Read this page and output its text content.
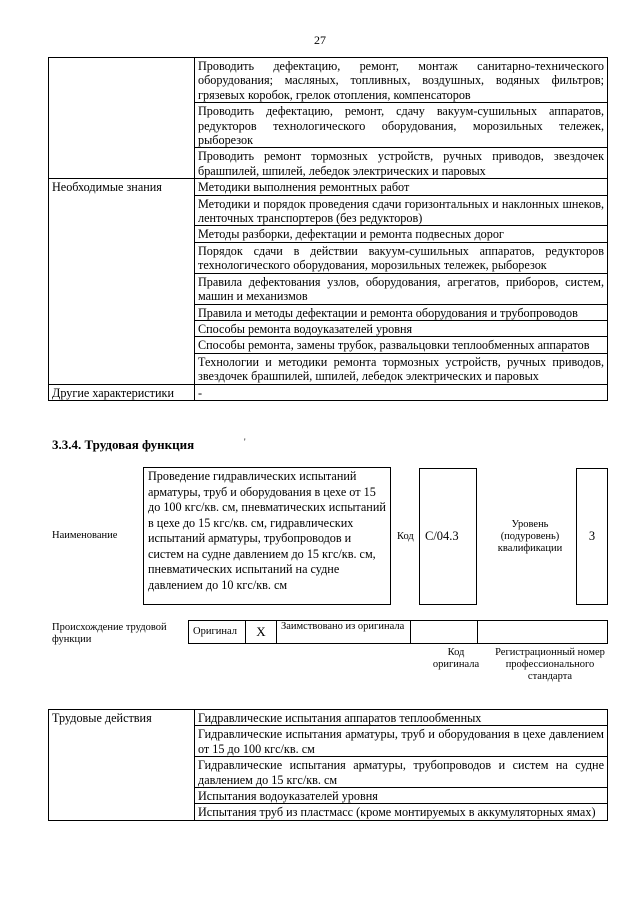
27
	Проводить дефектацию, ремонт, монтаж санитарно-технического оборудования; масляных, топливных, воздушных, водяных фильтров; грязевых коробок, грелок отопления, компенсаторов
	Проводить дефектацию, ремонт, сдачу вакуум-сушильных аппаратов, редукторов технологического оборудования, морозильных тележек, рыборезок
	Проводить ремонт тормозных устройств, ручных приводов, звездочек брашпилей, шпилей, лебедок электрических и паровых
Необходимые знания	Методики выполнения ремонтных работ
	Методики и порядок проведения сдачи горизонтальных и наклонных шнеков, ленточных транспортеров (без редукторов)
	Методы разборки, дефектации и ремонта подвесных дорог
	Порядок сдачи в действии вакуум-сушильных аппаратов, редукторов технологического оборудования, морозильных тележек, рыборезок
	Правила дефектования узлов, оборудования, агрегатов, приборов, систем, машин и механизмов
	Правила и методы дефектации и ремонта оборудования и трубопроводов
	Способы ремонта водоуказателей уровня
	Способы ремонта, замены трубок, развальцовки теплообменных аппаратов
	Технологии и методики ремонта тормозных устройств, ручных приводов, звездочек брашпилей, шпилей, лебедок электрических и паровых
Другие характеристики	-
3.3.4. Трудовая функция	'
Наименование
Проведение гидравлических испытаний арматуры, труб и оборудования в цехе от 15 до 100 кгс/кв. см, пневматических испытаний в цехе до 15 кгс/кв. см, гидравлических испытаний арматуры, трубопроводов и систем на судне давлением до 15 кгс/кв. см, пневматических испытаний на судне давлением до 10 кгс/кв. см
Код C/04.3
Уровень (подуровень) квалификации
3
Происхождение трудовой функции
Оригинал	X	Заимствовано из оригинала		
Код оригинала
Регистрационный номер профессионального стандарта
Трудовые действия	Гидравлические испытания аппаратов теплообменных
Гидравлические испытания арматуры, труб и оборудования в цехе давлением от 15 до 100 кгс/кв. см
Гидравлические испытания арматуры, трубопроводов и систем на судне давлением до 15 кгс/кв. см
Испытания водоуказателей уровня
Испытания труб из пластмасс (кроме монтируемых в аккумуляторных ямах)
